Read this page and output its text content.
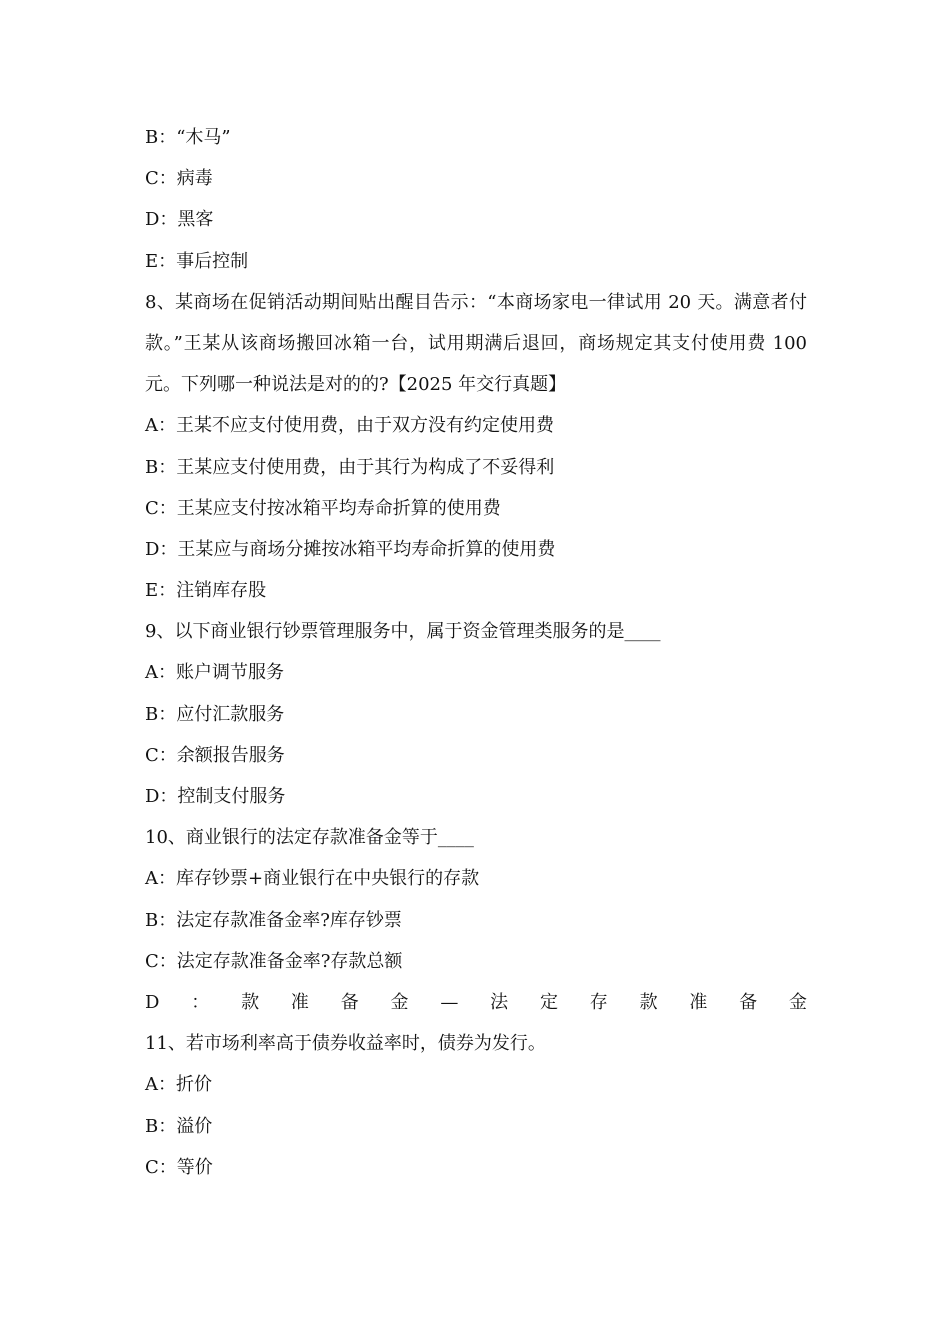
B：“木马”
C：病毒
D：黑客
E：事后控制
8、某商场在促销活动期间贴出醒目告示：“本商场家电一律试用 20 天。满意者付款。”王某从该商场搬回冰箱一台，试用期满后退回，商场规定其支付使用费 100 元。下列哪一种说法是对的的?【2025 年交行真题】
A：王某不应支付使用费，由于双方没有约定使用费
B：王某应支付使用费，由于其行为构成了不妥得利
C：王某应支付按冰箱平均寿命折算的使用费
D：王某应与商场分摊按冰箱平均寿命折算的使用费
E：注销库存股
9、以下商业银行钞票管理服务中，属于资金管理类服务的是____
A：账户调节服务
B：应付汇款服务
C：余额报告服务
D：控制支付服务
10、商业银行的法定存款准备金等于____
A：库存钞票+商业银行在中央银行的存款
B：法定存款准备金率?库存钞票
C：法定存款准备金率?存款总额
D ： 款 准 备 金 — 法 定 存 款 准 备 金
11、若市场利率高于债券收益率时，债券为发行。
A：折价
B：溢价
C：等价
